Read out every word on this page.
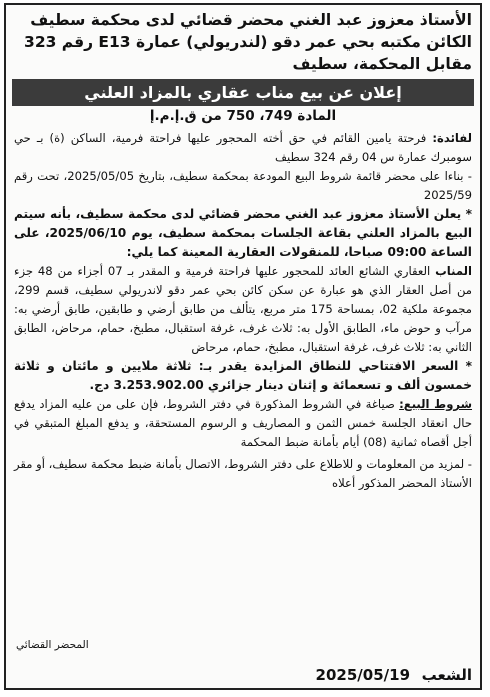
الأستاذ معزوز عبد الغني محضر قضائي لدى محكمة سطيف

الكائن مكتبه بحي عمر دقو (لندريولي) عمارة E13 رقم 323

مقابل المحكمة، سطيف

إعلان عن بيع مناب عقاري بالمزاد العلني

المادة 749، 750 من ق.إ.م.إ

لفائدة: فرحتة يامين القائم في حق أخته المحجور عليها فراحتة فرمية، الساكن (ة) بـ حي سومبرك عمارة س 04 رقم 324 سطيف

- بناءا على محضر قائمة شروط البيع المودعة بمحكمة سطيف، بتاريخ 2025/05/05، تحت رقم 2025/59

* يعلن الأستاذ معزوز عبد الغني محضر قضائي لدى محكمة سطيف، بأنه سيتم البيع بالمزاد العلني بقاعة الجلسات بمحكمة سطيف، يوم 2025/06/10، على الساعة 09:00 صباحا، للمنقولات العقارية المعينة كما يلي:

المناب العقاري الشائع العائد للمحجور عليها فراحتة فرمية و المقدر بـ 07 أجزاء من 48 جزء من أصل العقار الذي هو عبارة عن سكن كائن بحي عمر دقو لاندريولي سطيف، قسم 299، مجموعة ملكية 02، بمساحة 175 متر مربع، يتألف من طابق أرضي و طابقين، طابق أرضي به: مرآب و حوض ماء، الطابق الأول به: ثلاث غرف، غرفة استقبال، مطبخ، حمام، مرحاض، الطابق الثاني به: ثلاث غرف، غرفة استقبال، مطبخ، حمام، مرحاض

* السعر الافتتاحي للنطاق المزايدة يقدر بـ: ثلاثة ملايين و مائتان و ثلاثة خمسون ألف و تسعمائة و إثنان دينار جزائري 3.253.902.00 دج.

شروط البيع: صياغة في الشروط المذكورة في دفتر الشروط، فإن على من عليه المزاد يدفع حال انعقاد الجلسة خمس الثمن و المصاريف و الرسوم المستحقة، و يدفع المبلغ المتبقي في أجل أقصاه ثمانية (08) أيام بأمانة ضبط المحكمة

- لمزيد من المعلومات و للاطلاع على دفتر الشروط، الاتصال بأمانة ضبط محكمة سطيف، أو مقر الأستاذ المحضر المذكور أعلاه

المحضر القضائي
الشعب
2025/05/19
